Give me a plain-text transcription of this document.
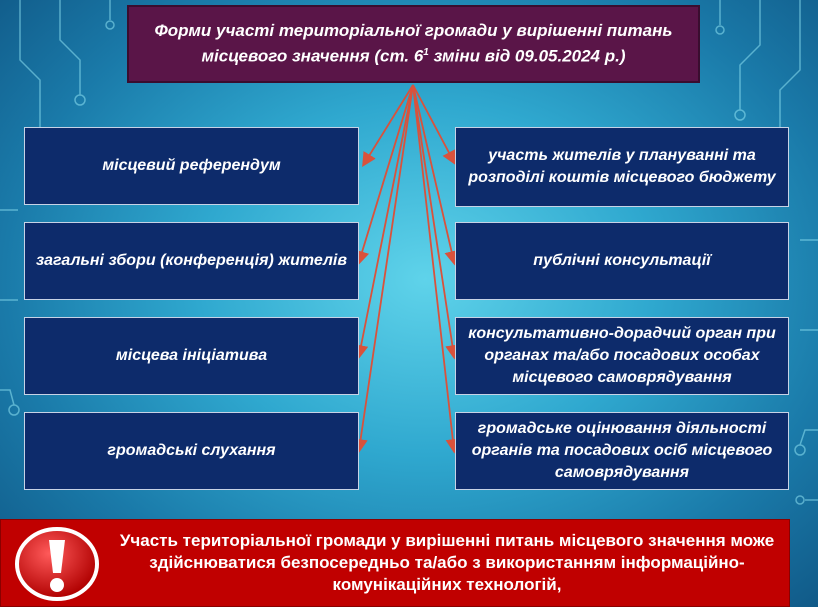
Форми участі територіальної громади у вирішенні питань
місцевого значення (ст. $6^1$ зміни від 09.05.2024 р.)
місцевий референдум
загальні збори (конференція) жителів
місцева ініціатива
громадські слухання
участь жителів у плануванні та розподілі коштів місцевого бюджету
публічні консультації
консультативно-дорадчий орган при органах та/або посадових особах місцевого самоврядування
громадське оцінювання діяльності органів та посадових осіб місцевого самоврядування
Участь територіальної громади у вирішенні питань місцевого значення може здійснюватися безпосередньо та/або з використанням інформаційно-комунікаційних технологій,
